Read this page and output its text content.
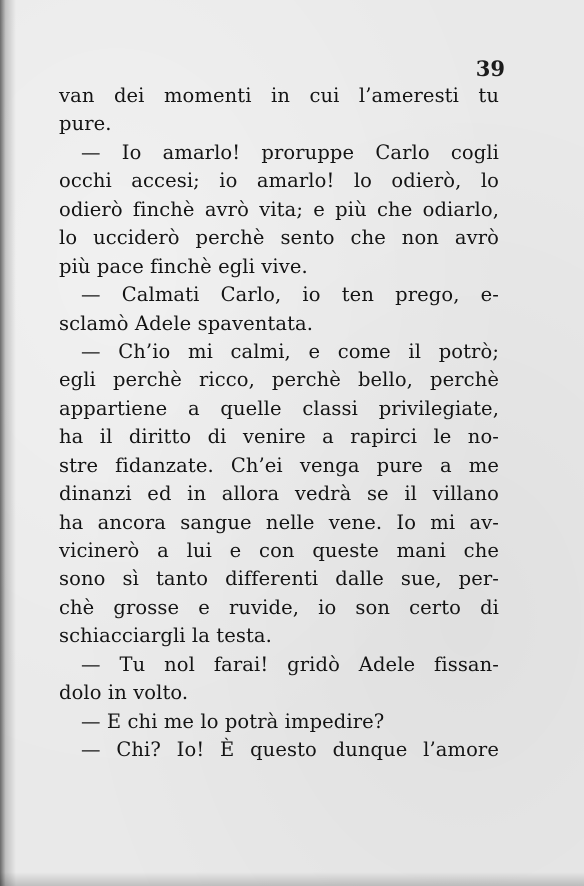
39
van dei momenti in cui l’ameresti tu
pure.
— Io amarlo! proruppe Carlo cogli
occhi accesi; io amarlo! lo odierò, lo
odierò finchè avrò vita; e più che odiarlo,
lo ucciderò perchè sento che non avrò
più pace finchè egli vive.
— Calmati Carlo, io ten prego, e-
sclamò Adele spaventata.
— Ch’io mi calmi, e come il potrò;
egli perchè ricco, perchè bello, perchè
appartiene a quelle classi privilegiate,
ha il diritto di venire a rapirci le no-
stre fidanzate. Ch’ei venga pure a me
dinanzi ed in allora vedrà se il villano
ha ancora sangue nelle vene. Io mi av-
vicinerò a lui e con queste mani che
sono sì tanto differenti dalle sue, per-
chè grosse e ruvide, io son certo di
schiacciargli la testa.
— Tu nol farai! gridò Adele fissan-
dolo in volto.
— E chi me lo potrà impedire?
— Chi? Io! È questo dunque l’amore
